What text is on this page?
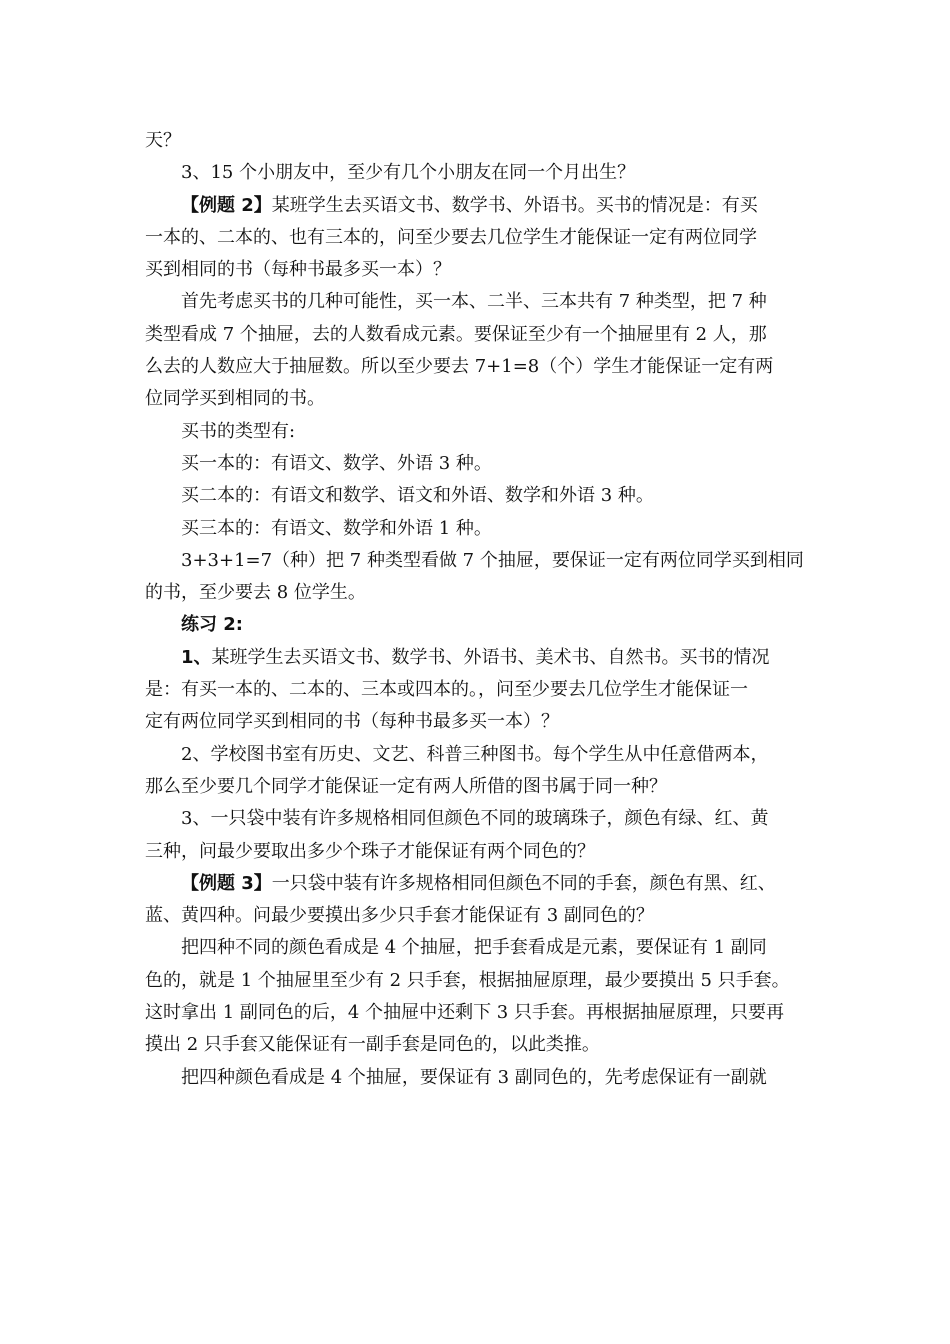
天？

3、15 个小朋友中，至少有几个小朋友在同一个月出生？

【例题 2】某班学生去买语文书、数学书、外语书。买书的情况是：有买

一本的、二本的、也有三本的，问至少要去几位学生才能保证一定有两位同学

买到相同的书（每种书最多买一本）？

首先考虑买书的几种可能性，买一本、二半、三本共有 7 种类型，把 7 种

类型看成 7 个抽屉，去的人数看成元素。要保证至少有一个抽屉里有 2 人，那

么去的人数应大于抽屉数。所以至少要去 7+1=8（个）学生才能保证一定有两

位同学买到相同的书。

买书的类型有:

买一本的：有语文、数学、外语 3 种。

买二本的：有语文和数学、语文和外语、数学和外语 3 种。

买三本的：有语文、数学和外语 1 种。

3+3+1=7（种）把 7 种类型看做 7 个抽屉，要保证一定有两位同学买到相同

的书，至少要去 8 位学生。

练习 2:

1、某班学生去买语文书、数学书、外语书、美术书、自然书。买书的情况

是：有买一本的、二本的、三本或四本的。，问至少要去几位学生才能保证一

定有两位同学买到相同的书（每种书最多买一本）？

2、学校图书室有历史、文艺、科普三种图书。每个学生从中任意借两本，

那么至少要几个同学才能保证一定有两人所借的图书属于同一种？

3、一只袋中装有许多规格相同但颜色不同的玻璃珠子，颜色有绿、红、黄

三种，问最少要取出多少个珠子才能保证有两个同色的？

【例题 3】一只袋中装有许多规格相同但颜色不同的手套，颜色有黑、红、

蓝、黄四种。问最少要摸出多少只手套才能保证有 3 副同色的？

把四种不同的颜色看成是 4 个抽屉，把手套看成是元素，要保证有 1 副同

色的，就是 1 个抽屉里至少有 2 只手套，根据抽屉原理，最少要摸出 5 只手套。

这时拿出 1 副同色的后，4 个抽屉中还剩下 3 只手套。再根据抽屉原理，只要再

摸出 2 只手套又能保证有一副手套是同色的，以此类推。

把四种颜色看成是 4 个抽屉，要保证有 3 副同色的，先考虑保证有一副就
